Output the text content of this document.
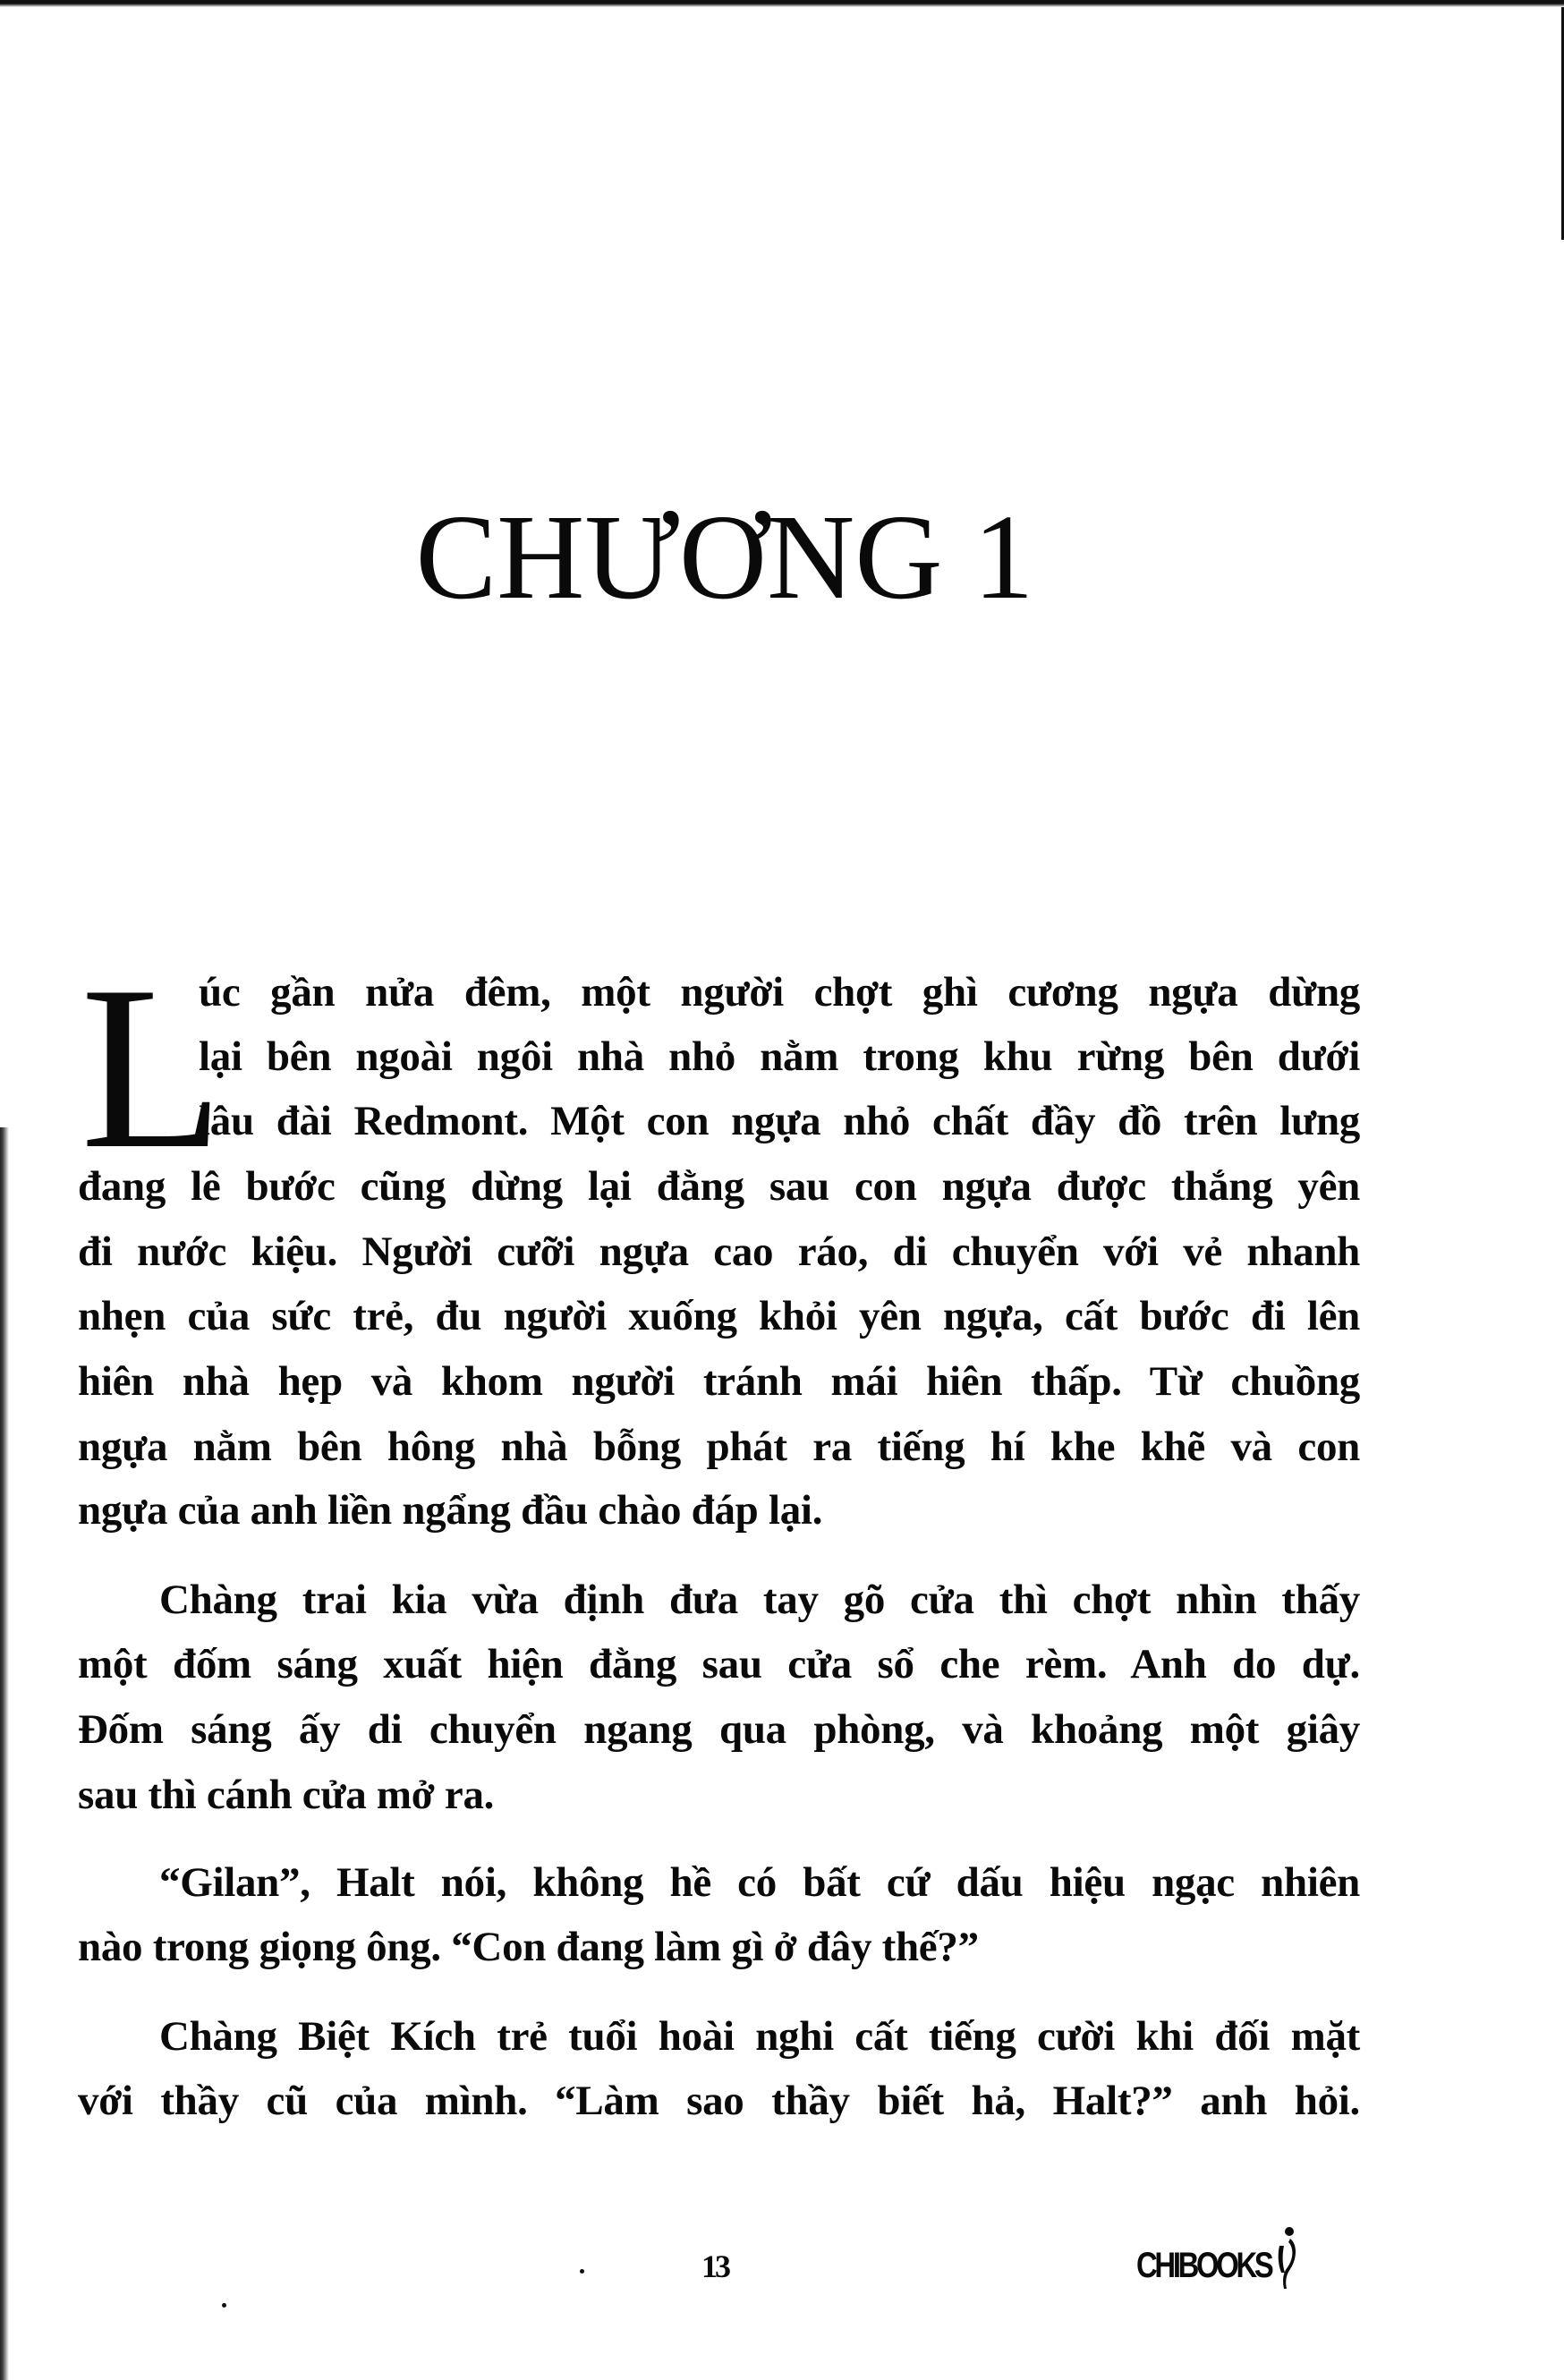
CHƯƠNG 1
L
úc gần nửa đêm, một người chợt ghì cương ngựa dừng
lại bên ngoài ngôi nhà nhỏ nằm trong khu rừng bên dưới
lâu đài Redmont. Một con ngựa nhỏ chất đầy đồ trên lưng
đang lê bước cũng dừng lại đằng sau con ngựa được thắng yên
đi nước kiệu. Người cưỡi ngựa cao ráo, di chuyển với vẻ nhanh
nhẹn của sức trẻ, đu người xuống khỏi yên ngựa, cất bước đi lên
hiên nhà hẹp và khom người tránh mái hiên thấp. Từ chuồng
ngựa nằm bên hông nhà bỗng phát ra tiếng hí khe khẽ và con
ngựa của anh liền ngẩng đầu chào đáp lại.
Chàng trai kia vừa định đưa tay gõ cửa thì chợt nhìn thấy
một đốm sáng xuất hiện đằng sau cửa sổ che rèm. Anh do dự.
Đốm sáng ấy di chuyển ngang qua phòng, và khoảng một giây
sau thì cánh cửa mở ra.
“Gilan”, Halt nói, không hề có bất cứ dấu hiệu ngạc nhiên
nào trong giọng ông. “Con đang làm gì ở đây thế?”
Chàng Biệt Kích trẻ tuổi hoài nghi cất tiếng cười khi đối mặt
với thầy cũ của mình. “Làm sao thầy biết hả, Halt?” anh hỏi.
13	CHIBOOKS
